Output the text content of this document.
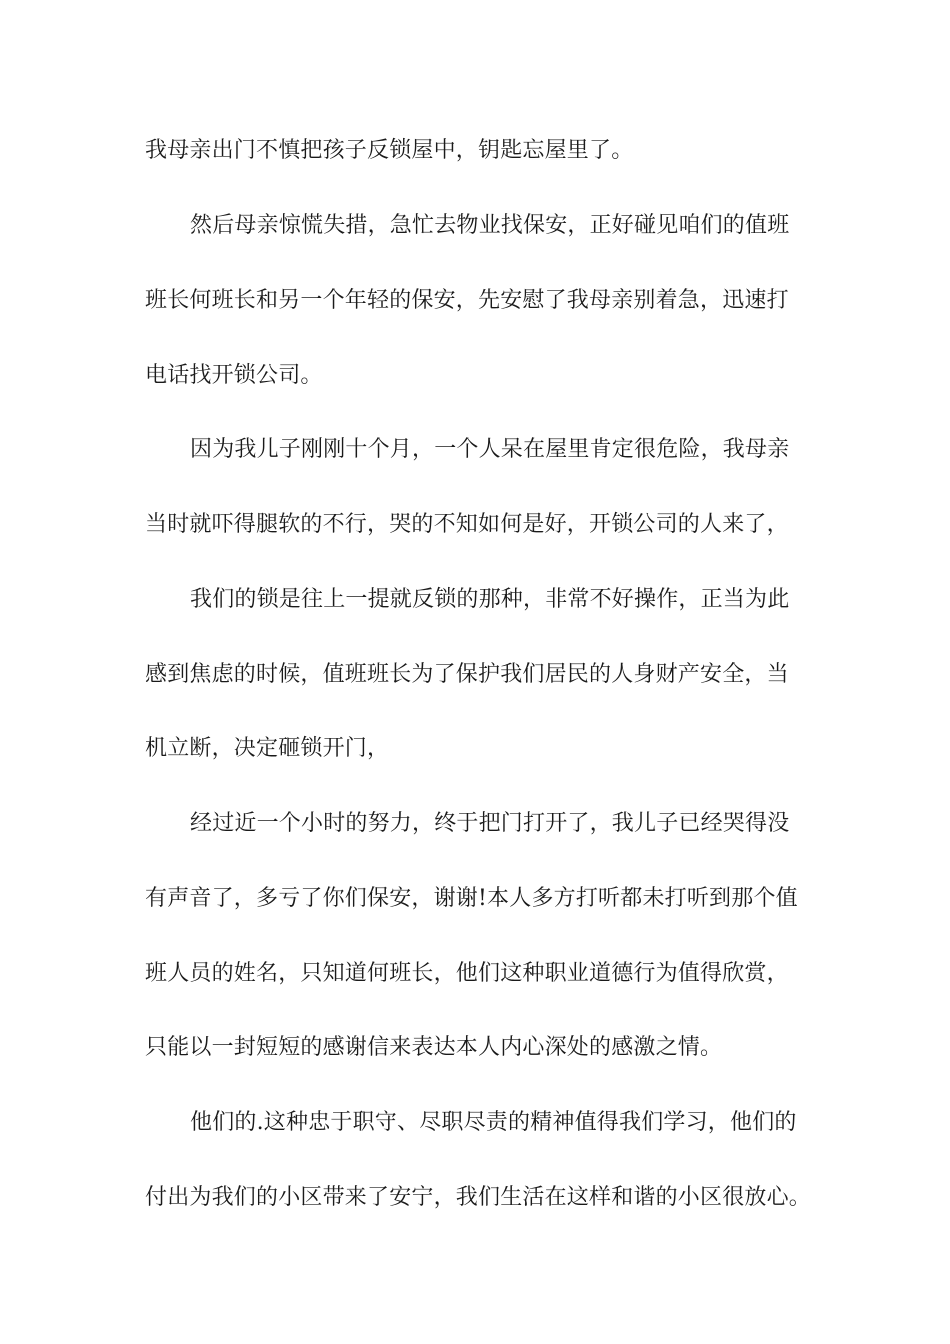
我母亲出门不慎把孩子反锁屋中，钥匙忘屋里了。
然后母亲惊慌失措，急忙去物业找保安，正好碰见咱们的值班
班长何班长和另一个年轻的保安，先安慰了我母亲别着急，迅速打
电话找开锁公司。
因为我儿子刚刚十个月，一个人呆在屋里肯定很危险，我母亲
当时就吓得腿软的不行，哭的不知如何是好，开锁公司的人来了，
我们的锁是往上一提就反锁的那种，非常不好操作，正当为此
感到焦虑的时候，值班班长为了保护我们居民的人身财产安全，当
机立断，决定砸锁开门，
经过近一个小时的努力，终于把门打开了，我儿子已经哭得没
有声音了，多亏了你们保安，谢谢!本人多方打听都未打听到那个值
班人员的姓名，只知道何班长，他们这种职业道德行为值得欣赏，
只能以一封短短的感谢信来表达本人内心深处的感激之情。
他们的.这种忠于职守、尽职尽责的精神值得我们学习，他们的
付出为我们的小区带来了安宁，我们生活在这样和谐的小区很放心。
